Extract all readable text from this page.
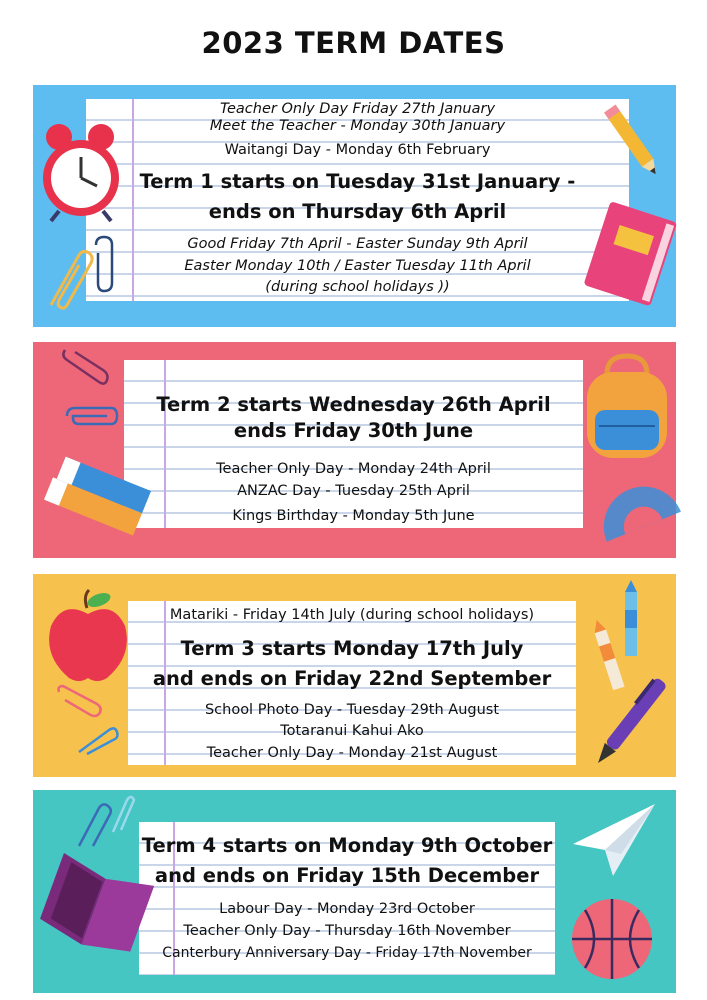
2023 TERM DATES
Teacher Only Day Friday 27th January
Meet the Teacher - Monday 30th January
Waitangi Day - Monday 6th February
Term 1 starts on Tuesday 31st January -
ends on Thursday 6th April
Good Friday 7th April - Easter Sunday 9th April
Easter Monday 10th / Easter Tuesday 11th April
(during school holidays ))
Term 2 starts Wednesday 26th April
ends Friday 30th June
Teacher Only Day - Monday 24th April
ANZAC Day - Tuesday 25th April
Kings Birthday - Monday 5th June
Matariki - Friday 14th July (during school holidays)
Term 3 starts Monday 17th July
and ends on Friday 22nd September
School Photo Day - Tuesday 29th August
Totaranui Kahui Ako
Teacher Only Day - Monday 21st August
Term 4 starts on Monday 9th October
and ends on Friday 15th December
Labour Day - Monday 23rd October
Teacher Only Day - Thursday 16th November
Canterbury Anniversary Day - Friday 17th November
